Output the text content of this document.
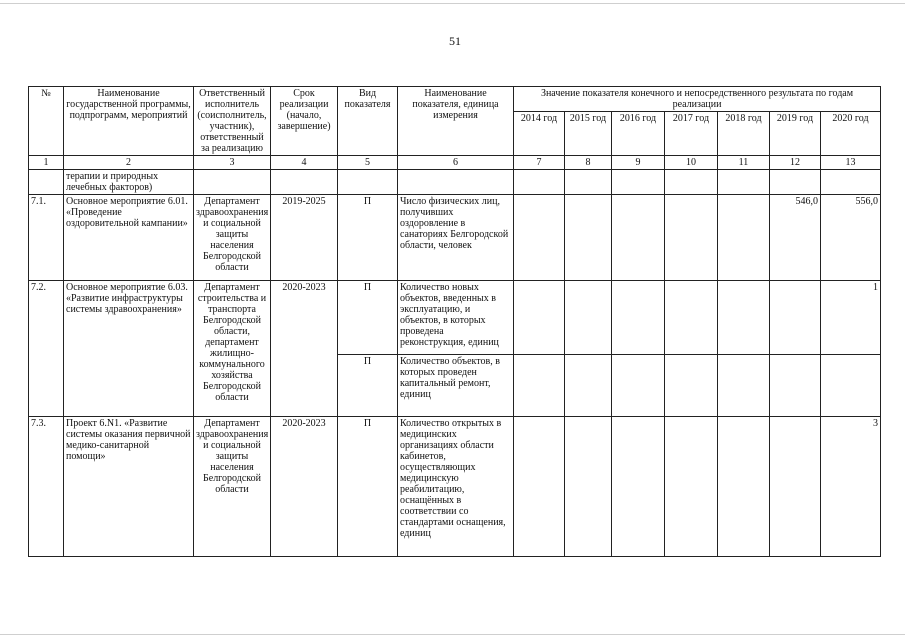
51
№	Наименование государственной программы, подпрограмм, мероприятий	Ответственный исполнитель (соисполнитель, участник), ответственный за реализацию	Срок реализации (начало, завершение)	Вид показателя	Наименование показателя, единица измерения	Значение показателя конечного и непосредственного результата по годам реализации						
						2014 год	2015 год	2016 год	2017 год	2018 год	2019 год	2020 год
1	2	3	4	5	6	7	8	9	10	11	12	13
	терапии и природных лечебных факторов)											
7.1.	Основное мероприятие 6.01. «Проведение оздоровительной кампании»	Департамент здравоохранения и социальной защиты населения Белгородской области	2019-2025	П	Число физических лиц, получивших оздоровление в санаториях Белгородской области, человек						546,0	556,0
7.2.	Основное мероприятие 6.03. «Развитие инфраструктуры системы здравоохранения»	Департамент строительства и транспорта Белгородской области, департамент жилищно-коммунального хозяйства Белгородской области	2020-2023	П	Количество новых объектов, введенных в эксплуатацию, и объектов, в которых проведена реконструкция, единиц							1
				П	Количество объектов, в которых проведен капитальный ремонт, единиц							
7.3.	Проект 6.N1. «Развитие системы оказания первичной медико-санитарной помощи»	Департамент здравоохранения и социальной защиты населения Белгородской области	2020-2023	П	Количество открытых в медицинских организациях области кабинетов, осуществляющих медицинскую реабилитацию, оснащённых в соответствии со стандартами оснащения, единиц							3
